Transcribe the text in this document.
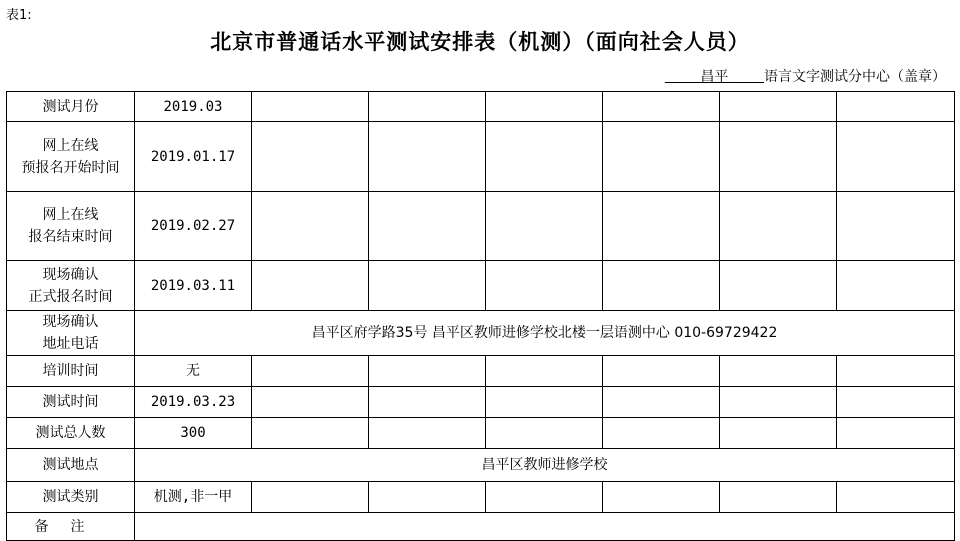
表1:
北京市普通话水平测试安排表（机测）（面向社会人员）
昌平	语言文字测试分中心（盖章）
测试月份	2019.03						

网上在线
预报名开始时间	2019.01.17						

网上在线
报名结束时间	2019.02.27						

现场确认
正式报名时间	2019.03.11						

现场确认
地址电话	昌平区府学路35号 昌平区教师进修学校北楼一层语测中心 010-69729422						
培训时间	无						
测试时间	2019.03.23						
测试总人数	300						
测试地点	昌平区教师进修学校						
测试类别	机测,非一甲						
备注							
